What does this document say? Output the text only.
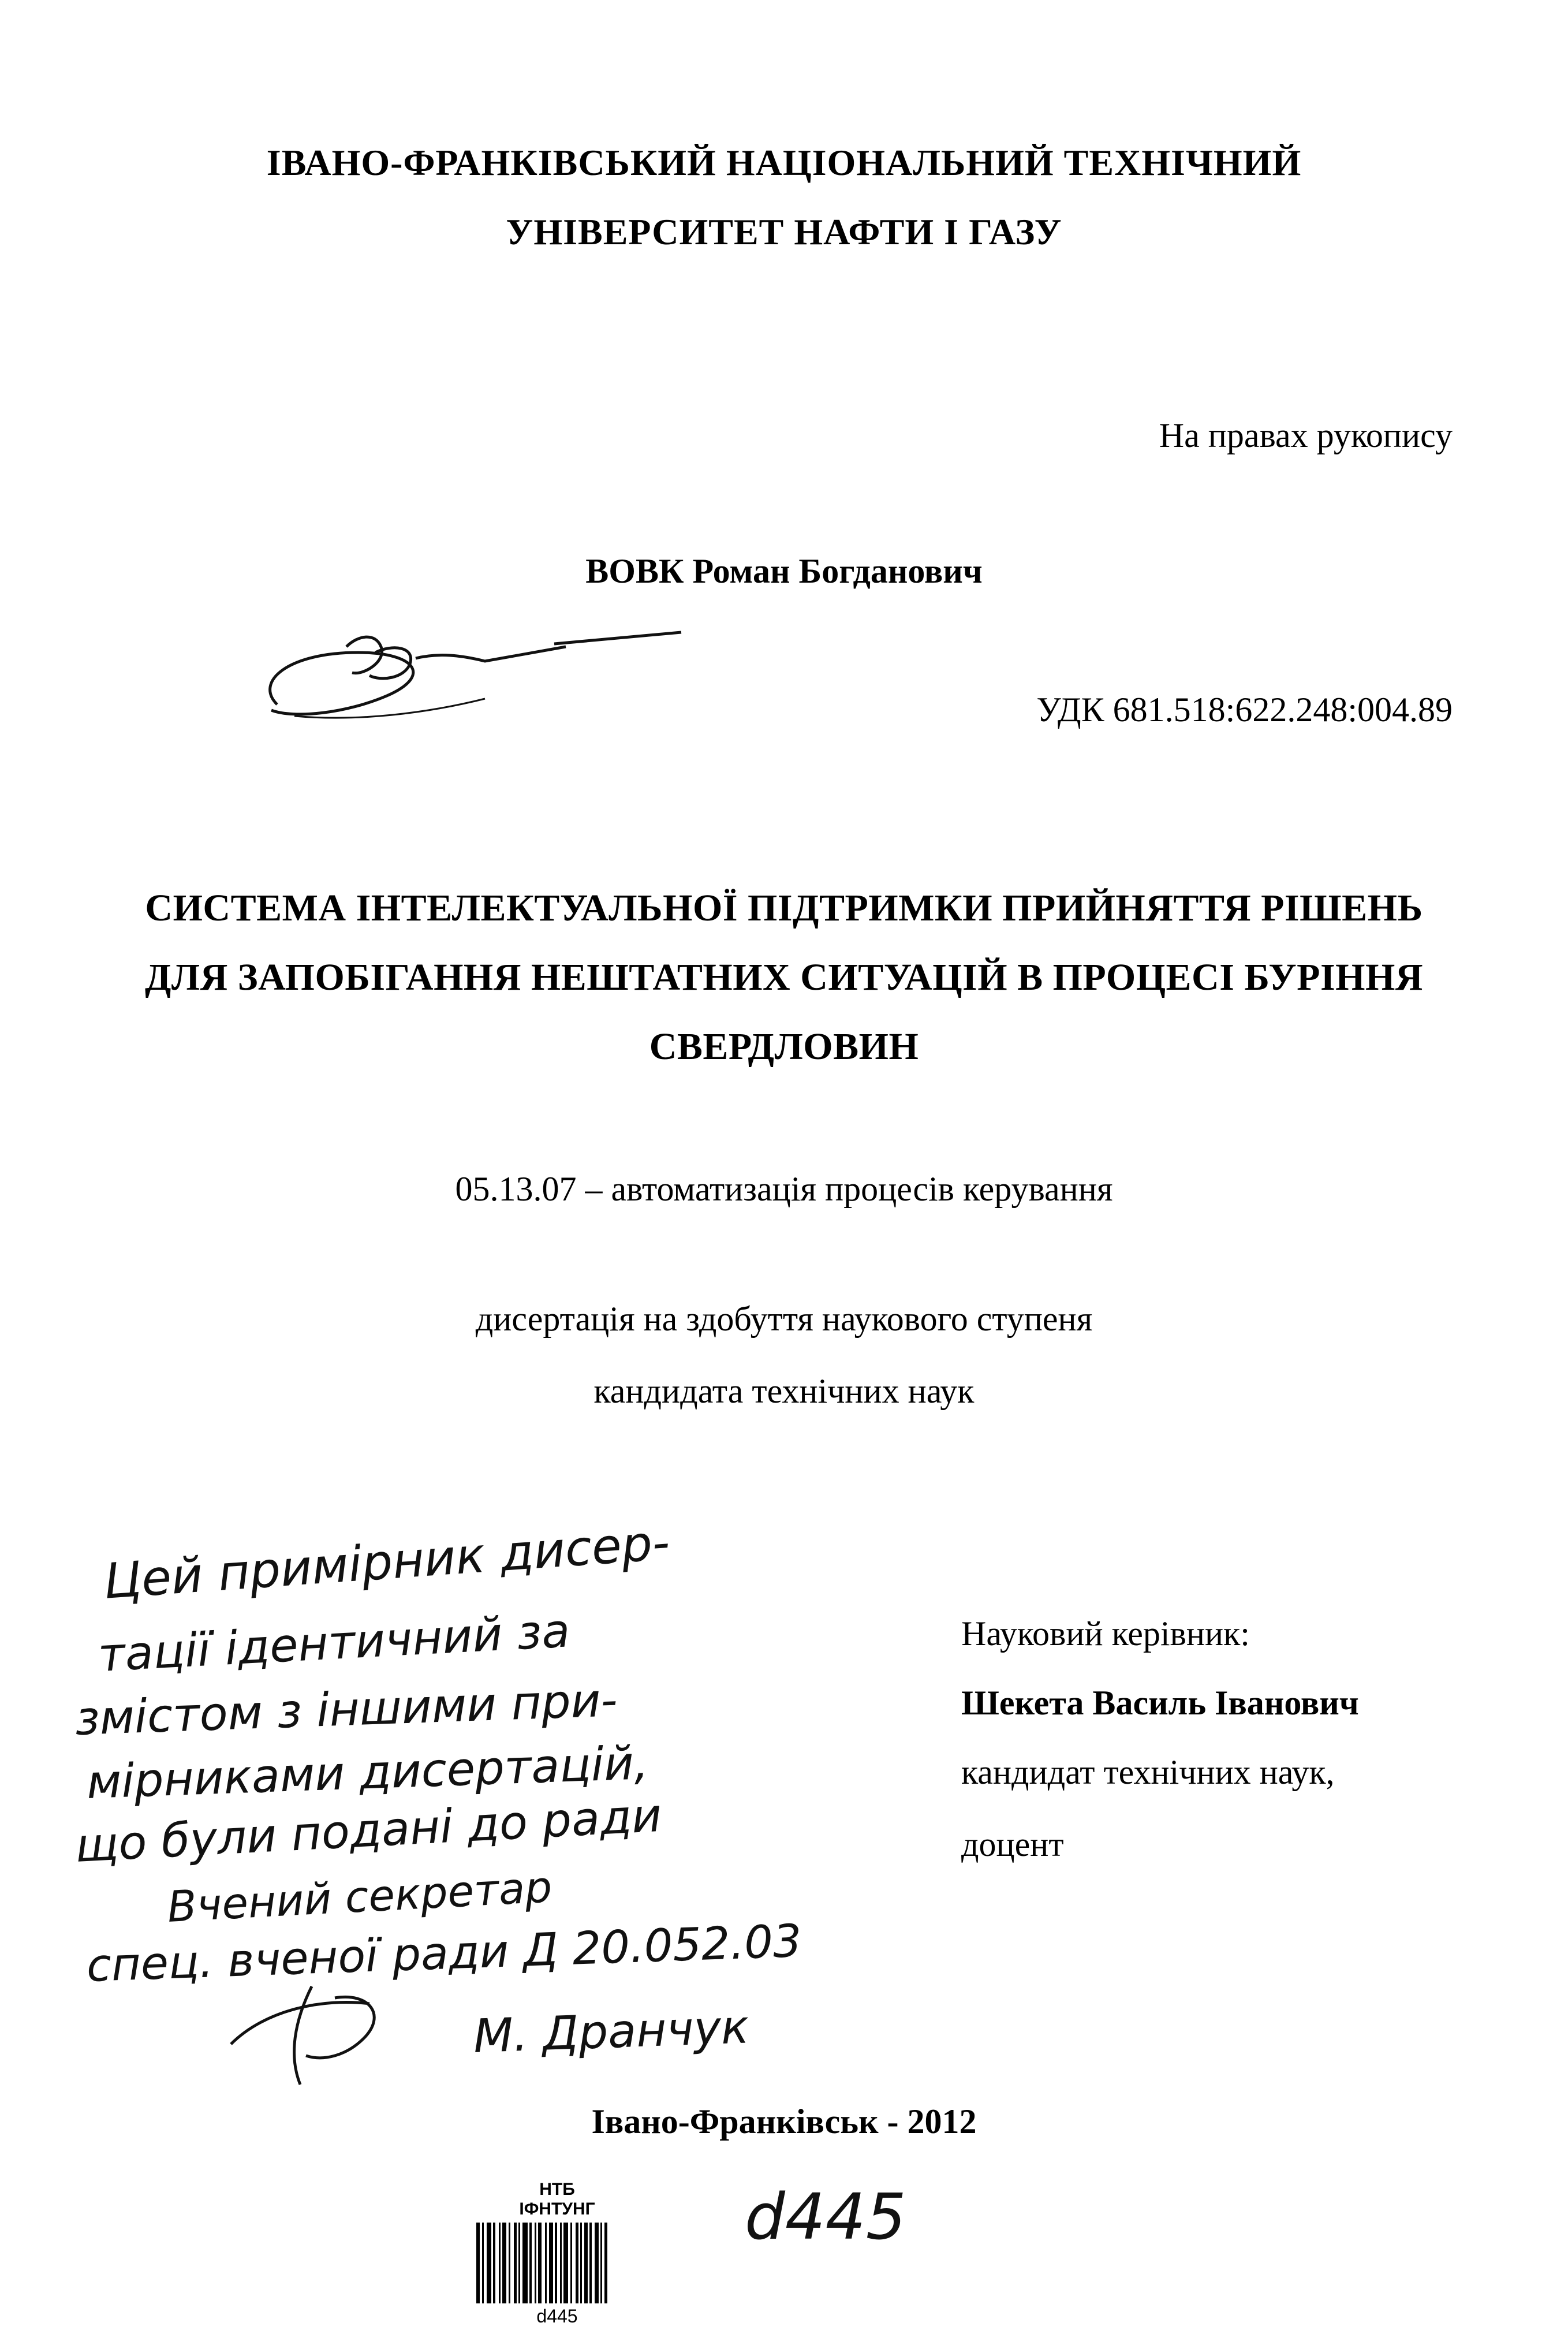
ІВАНО-ФРАНКІВСЬКИЙ НАЦІОНАЛЬНИЙ ТЕХНІЧНИЙ
УНІВЕРСИТЕТ НАФТИ І ГАЗУ
На правах рукопису
ВОВК Роман Богданович
УДК 681.518:622.248:004.89
СИСТЕМА ІНТЕЛЕКТУАЛЬНОЇ ПІДТРИМКИ ПРИЙНЯТТЯ РІШЕНЬ
ДЛЯ ЗАПОБІГАННЯ НЕШТАТНИХ СИТУАЦІЙ В ПРОЦЕСІ БУРІННЯ
СВЕРДЛОВИН
05.13.07 – автоматизація процесів керування
дисертація на здобуття наукового ступеня
кандидата технічних наук
Науковий керівник:
Шекета Василь Іванович
кандидат технічних наук,
доцент
Цей примірник дисер-
тації ідентичний за
змістом з іншими при-
мірниками дисертацій,
що були подані до ради
Вчений секретар
спец. вченої ради Д 20.052.03
М. Дранчук
Івано-Франківськ - 2012
НТБ
ІФНТУНГ
d445
d445
